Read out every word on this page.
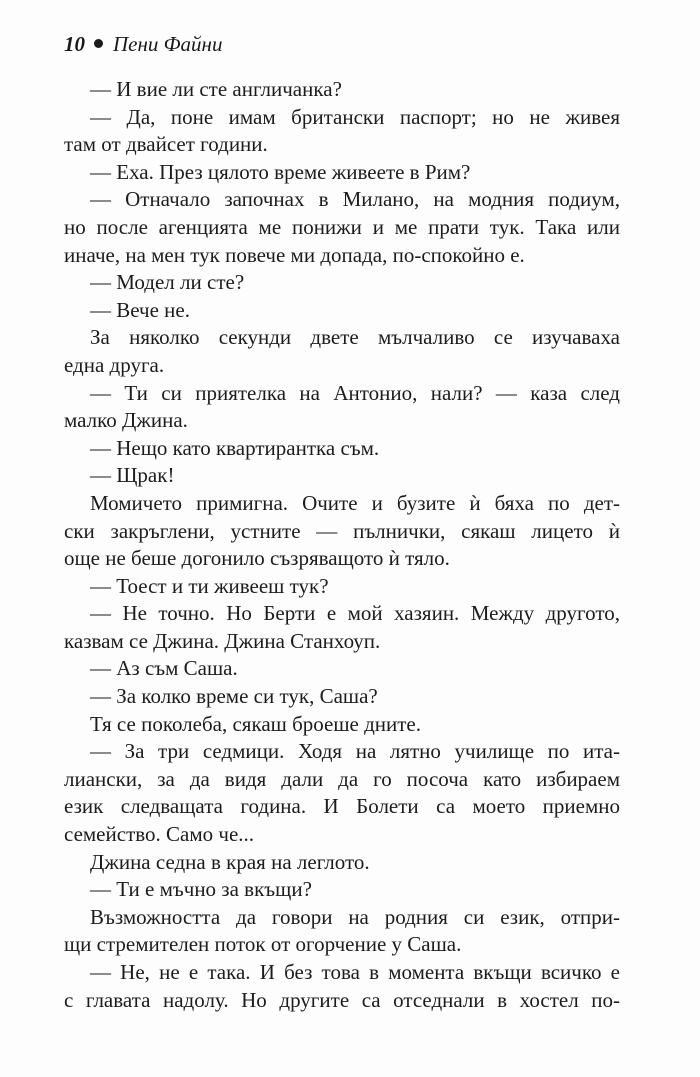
10 Пени Файни
— И вие ли сте англичанка?
— Да, поне имам британски паспорт; но не живея
там от двайсет години.
— Еха. През цялото време живеете в Рим?
— Отначало започнах в Милано, на модния подиум,
но после агенцията ме понижи и ме прати тук. Така или
иначе, на мен тук повече ми допада, по-спокойно е.
— Модел ли сте?
— Вече не.
За няколко секунди двете мълчаливо се изучаваха
една друга.
— Ти си приятелка на Антонио, нали? — каза след
малко Джина.
— Нещо като квартирантка съм.
— Щрак!
Момичето примигна. Очите и бузите ѝ бяха по дет-
ски закръглени, устните — пълнички, сякаш лицето ѝ
още не беше догонило съзряващото ѝ тяло.
— Тоест и ти живееш тук?
— Не точно. Но Берти е мой хазяин. Между другото,
казвам се Джина. Джина Станхоуп.
— Аз съм Саша.
— За колко време си тук, Саша?
Тя се поколеба, сякаш броеше дните.
— За три седмици. Ходя на лятно училище по ита-
лиански, за да видя дали да го посоча като избираем
език следващата година. И Болети са моето приемно
семейство. Само че...
Джина седна в края на леглото.
— Ти е мъчно за вкъщи?
Възможността да говори на родния си език, отпри-
щи стремителен поток от огорчение у Саша.
— Не, не е така. И без това в момента вкъщи всичко е
с главата надолу. Но другите са отседнали в хостел по-
